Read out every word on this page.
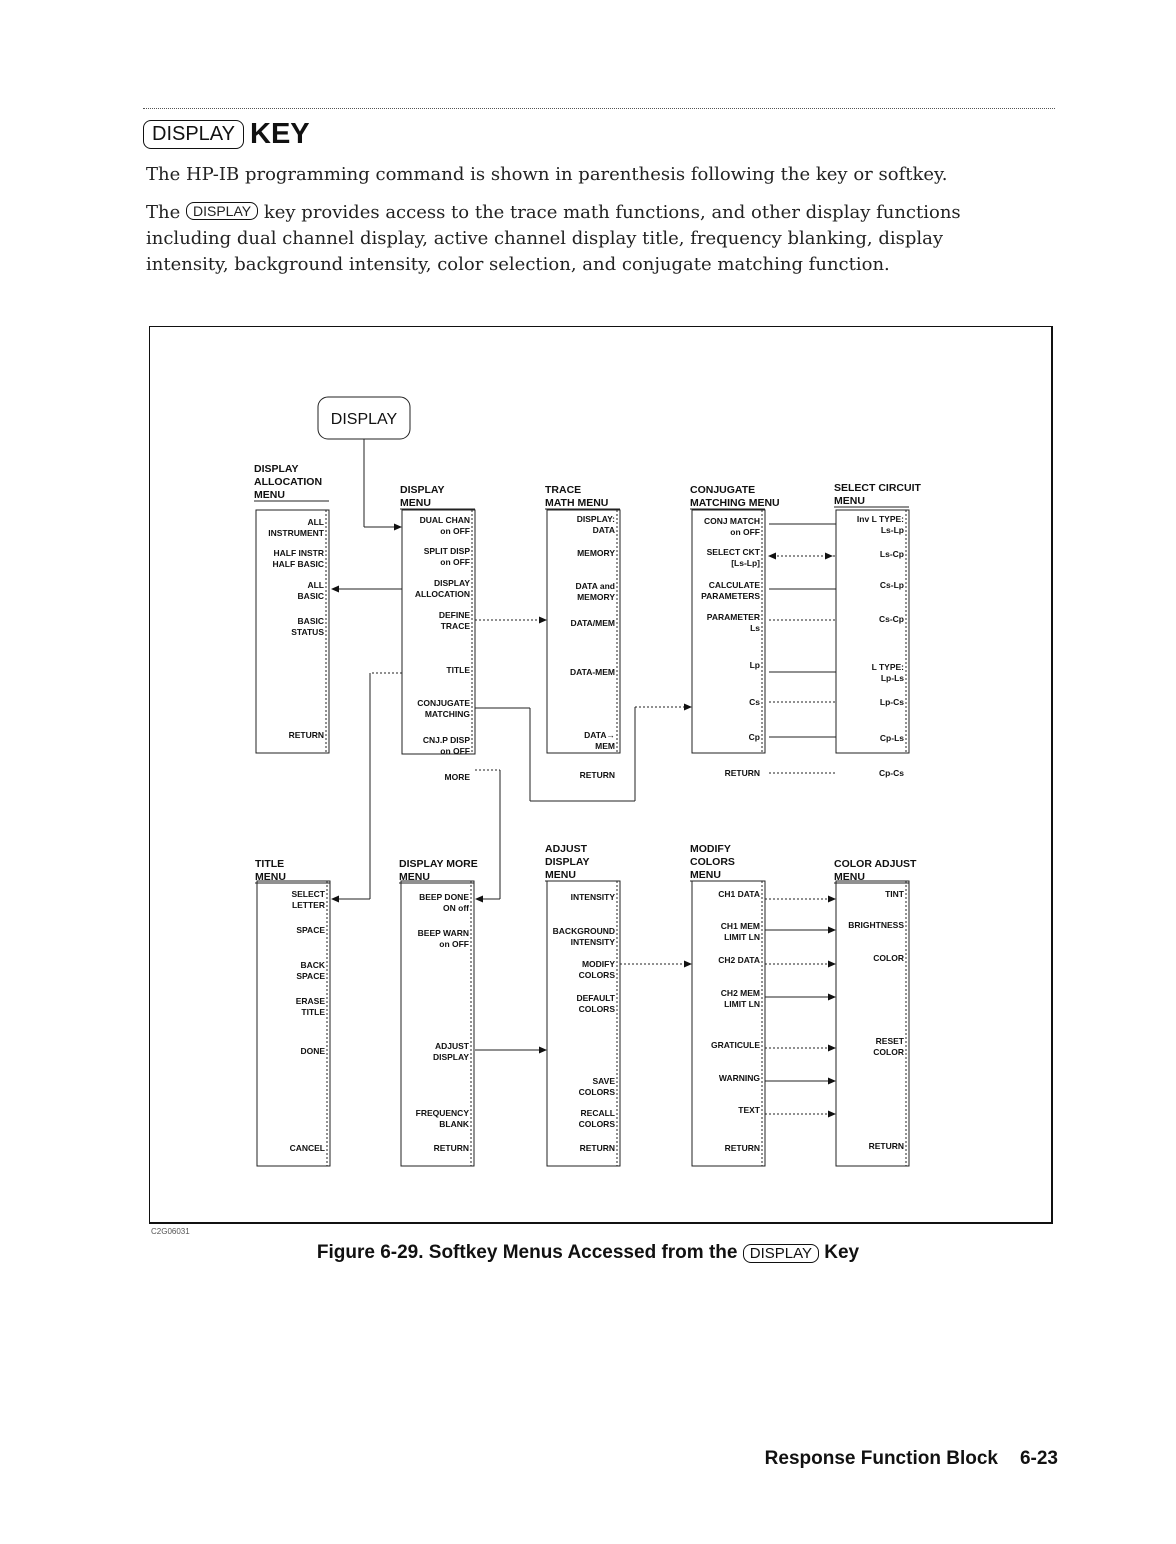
DISPLAY KEY
The HP-IB programming command is shown in parenthesis following the key or softkey.
The DISPLAY key provides access to the trace math functions, and other display functions including dual channel display, active channel display title, frequency blanking, display intensity, background intensity, color selection, and conjugate matching function.
DISPLAY
DISPLAY
ALLOCATION
MENU
ALL
INSTRUMENT
HALF INSTR
HALF BASIC
ALL
BASIC
BASIC
STATUS
RETURN
DISPLAY
MENU
DUAL CHAN
on OFF
SPLIT DISP
on OFF
DISPLAY
ALLOCATION
DEFINE
TRACE
TITLE
CONJUGATE
MATCHING
CNJ.P DISP
on OFF
MORE
TRACE
MATH MENU
DISPLAY:
DATA
MEMORY
DATA and
MEMORY
DATA/MEM
DATA-MEM
DATA→
MEM
RETURN
CONJUGATE
MATCHING MENU
CONJ MATCH
on OFF
SELECT CKT
[Ls-Lp]
CALCULATE
PARAMETERS
PARAMETER
Ls
Lp
Cs
Cp
RETURN
SELECT CIRCUIT
MENU
Inv L TYPE:
Ls-Lp
Ls-Cp
Cs-Lp
Cs-Cp
L TYPE:
Lp-Ls
Lp-Cs
Cp-Ls
Cp-Cs
TITLE
MENU
SELECT
LETTER
SPACE
BACK
SPACE
ERASE
TITLE
DONE
CANCEL
DISPLAY MORE
MENU
BEEP DONE
ON off
BEEP WARN
on OFF
ADJUST
DISPLAY
FREQUENCY
BLANK
RETURN
ADJUST
DISPLAY
MENU
INTENSITY
BACKGROUND
INTENSITY
MODIFY
COLORS
DEFAULT
COLORS
SAVE
COLORS
RECALL
COLORS
RETURN
MODIFY
COLORS
MENU
CH1 DATA
CH1 MEM
LIMIT LN
CH2 DATA
CH2 MEM
LIMIT LN
GRATICULE
WARNING
TEXT
RETURN
COLOR ADJUST
MENU
TINT
BRIGHTNESS
COLOR
RESET
COLOR
RETURN
C2G06031
Figure 6-29. Softkey Menus Accessed from the DISPLAY Key
Response Function Block 6-23
